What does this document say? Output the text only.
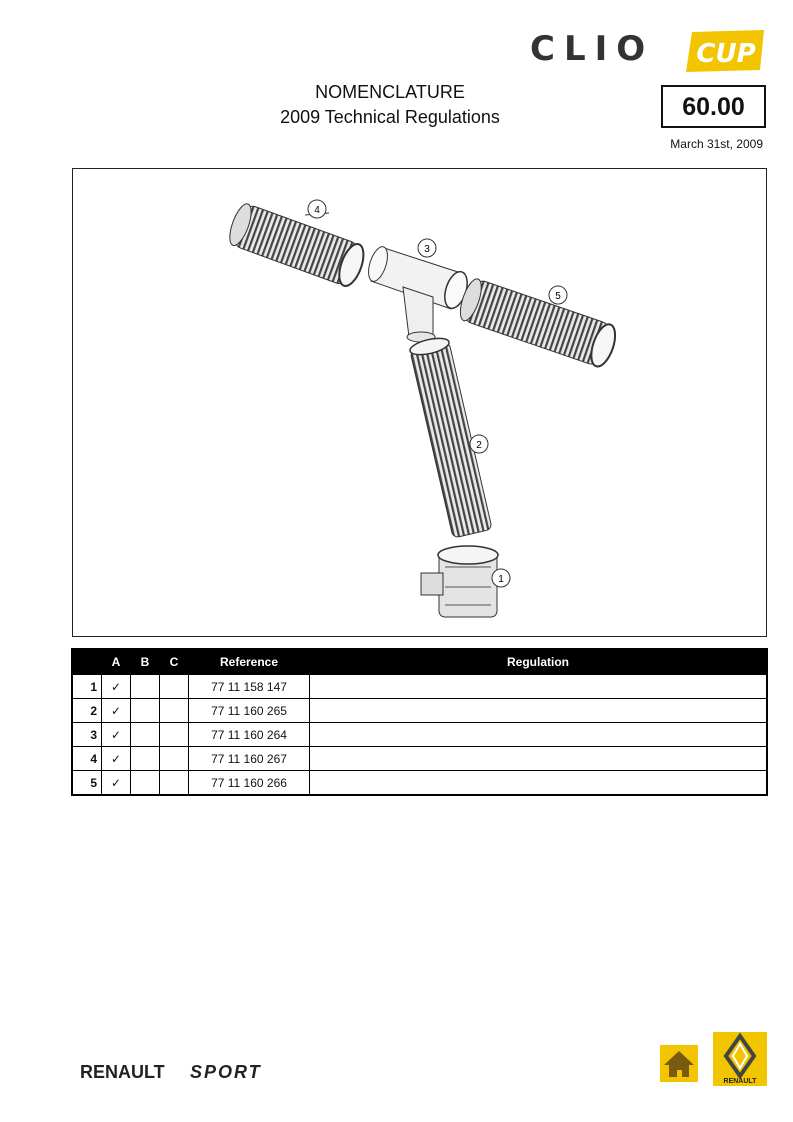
CLIO CUP
NOMENCLATURE
2009 Technical Regulations	60.00
March 31st, 2009
4
3
5
2
1
	A	B	C	Reference	Regulation
1	✓			77 11 158 147	
2	✓			77 11 160 265	
3	✓			77 11 160 264	
4	✓			77 11 160 267	
5	✓			77 11 160 266	
RENAULT SPORT	RENAULT
